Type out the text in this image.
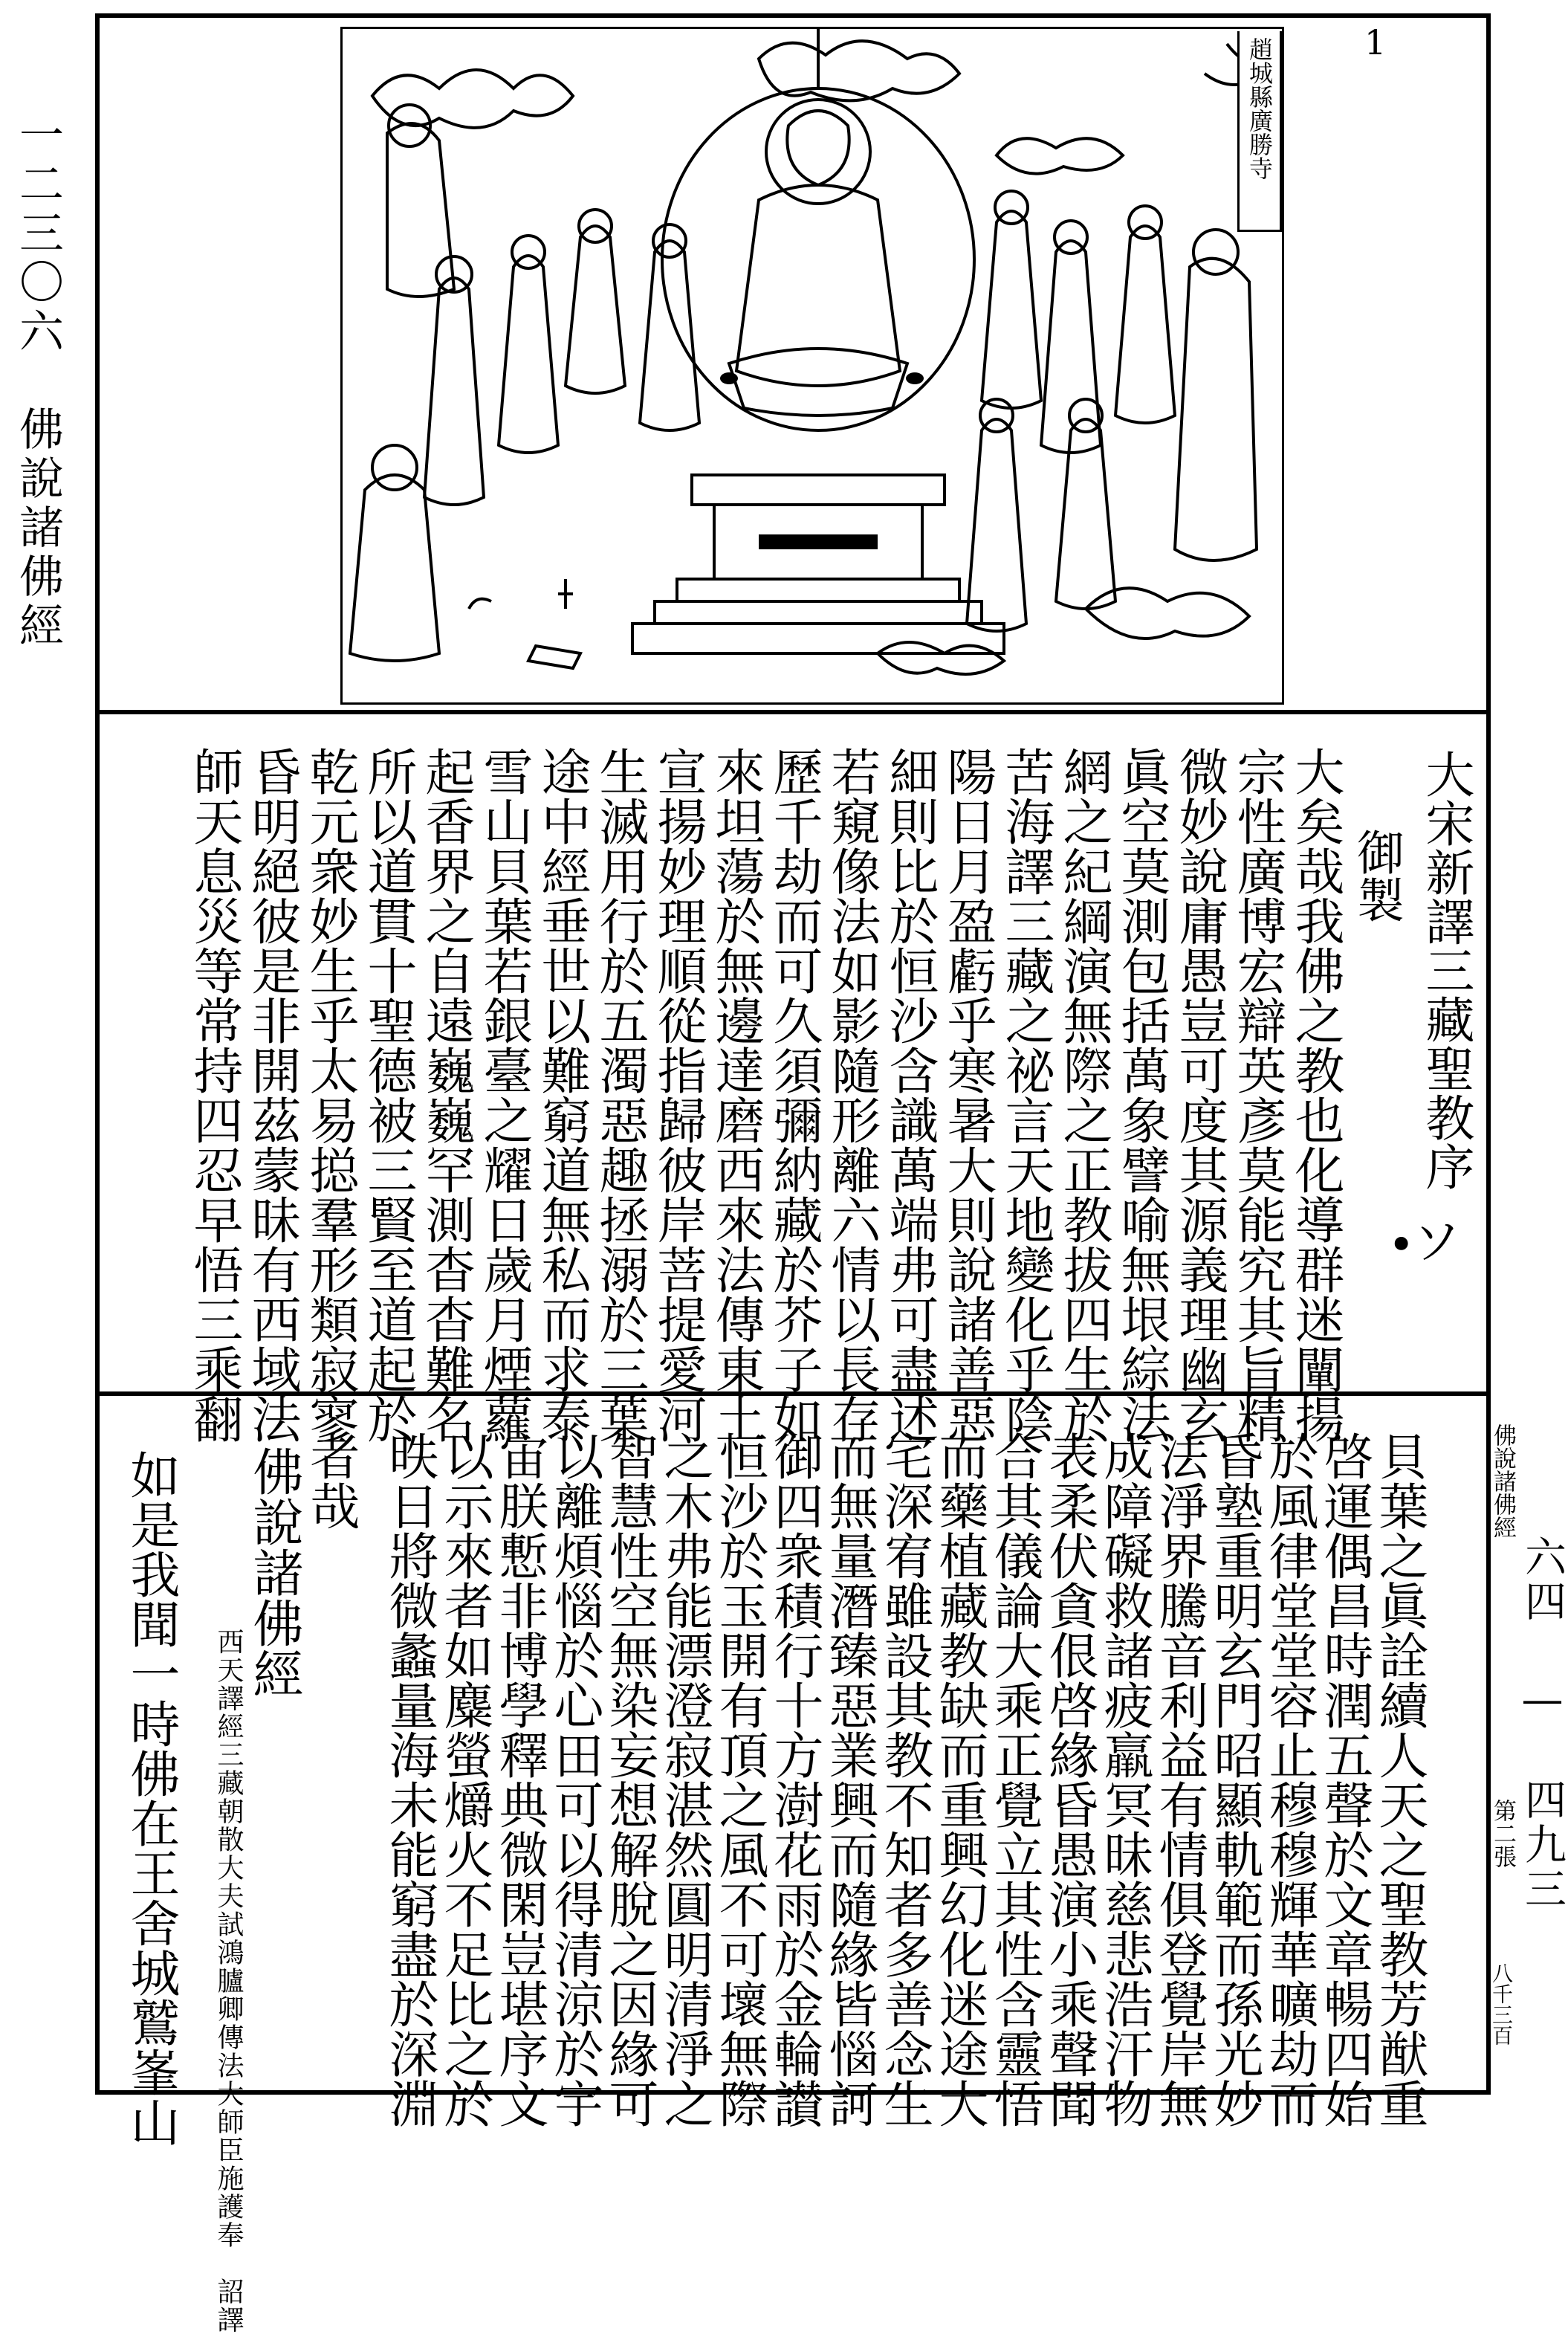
一二三〇六　佛說諸佛經
六四 — 四九三
趙城縣廣勝寺	1
大宋新譯三藏聖教序
御製
∙ソ
大矣哉我佛之教也化導群迷闡揚
宗性廣博宏辯英彥莫能究其旨精
微妙說庸愚豈可度其源義理幽玄
眞空莫測包括萬象譬喻無垠綜法
網之紀綱演無際之正教拔四生於
苦海譯三藏之祕言天地變化乎陰
陽日月盈虧乎寒暑大則說諸善惡
細則比於恒沙含識萬端弗可盡述
若窺像法如影隨形離六情以長存
歷千劫而可久須彌納藏於芥子如
來坦蕩於無邊達磨西來法傳東土
宣揚妙理順從指歸彼岸菩提愛河
生滅用行於五濁惡趣拯溺於三葉
途中經垂世以難窮道無私而求泰
雪山貝葉若銀臺之耀日歲月煙蘿
起香界之自遠巍巍罕測杳杳難名
所以道貫十聖德被三賢至道起於
乾元衆妙生乎太易搃羣形類寂寥
昏明絕彼是非開茲蒙昧有西域法
師天息災等常持四忍早悟三乘翻
佛說諸佛經
第二張
八千三百
貝葉之眞詮續人天之聖教芳猷重
啓運偶昌時潤五聲於文章暢四始
於風律堂堂容止穆穆輝華曠劫而
昏塾重明玄門昭顯軌範而孫光妙
法淨界騰音利益有情俱登覺岸無
成障礙救諸疲羸冥昧慈悲浩汗物
表柔伏貪佷啓緣昏愚演小乘聲聞
合其儀論大乘正覺立其性含靈悟
而藥植藏教缺而重興幻化迷途大
宅深宥雖設其教不知者多善念生
而無量潛臻惡業興而隨緣皆惱訶
御四衆積行十方澍花雨於金輪讃
恒沙於玉開有頂之風不可壞無際
之木弗能漂澄寂湛然圓明清淨之
智慧性空無染妄想解脫之因緣可
以離煩惱於心田可以得清涼於宇
宙朕慙非博學釋典微閑豈堪序文
以示來者如麋螢爝火不足比之於
昳日將微蠡量海未能窮盡於深淵
者哉
佛說諸佛經
西天譯經三藏朝散大夫試鴻臚卿傳法大師臣施護奉　詔譯
如是我聞一時佛在王舍城鷲峯山
